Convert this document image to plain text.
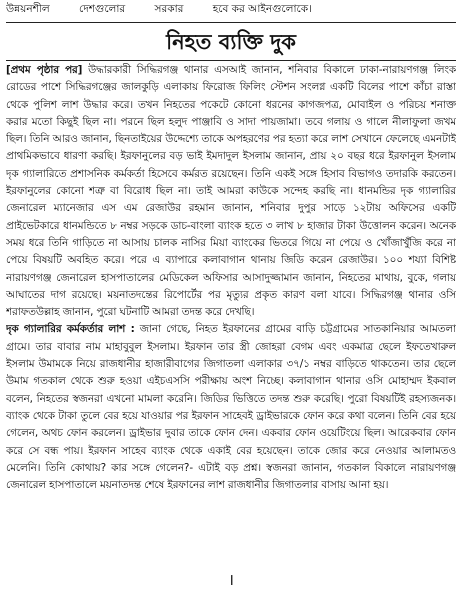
উন্নয়নশীল	দেশগুলোর	সরকার	হবে কর আইনগুলোকে।
নিহত ব্যক্তি দুক

[প্রথম পৃষ্ঠার পর] উদ্ধারকারী সিদ্ধিরগঞ্জ থানার এসআই জানান, শনিবার বিকালে ঢাকা-নারায়ণগঞ্জ লিংক রোডের পাশে সিদ্ধিরগঞ্জের জালকুড়ি এলাকায় ফিরোজ ফিলিং স্টেশন সংলগ্ন একটি বিলের পাশে কাঁচা রাস্তা থেকে পুলিশ লাশ উদ্ধার করে। তখন নিহতের পকেটে কোনো ধরনের কাগজপত্র, মোবাইল ও পরিচয় শনাক্ত করার মতো কিছুই ছিল না। পরনে ছিল হলুদ পাঞ্জাবি ও সাদা পায়জামা। তবে গলায় ও গালে নীলাফুলা জখম ছিল। তিনি আরও জানান, ছিনতাইয়ের উদ্দেশ্যে তাকে অপহরণের পর হত্যা করে লাশ সেখানে ফেলেছে এমনটাই প্রাথমিকভাবে ধারণা করছি। ইরফানুলের বড় ভাই ইমদাদুল ইসলাম জানান, প্রায় ২০ বছর ধরে ইরফানুল ইসলাম দৃক গ্যালারিতে প্রশাসনিক কর্মকর্তা হিসেবে কর্মরত রয়েছেন। তিনি একই সঙ্গে হিসাব বিভাগও তদারকি করতেন। ইরফানুলের কোনো শত্রু বা বিরোধ ছিল না। তাই আমরা কাউকে সন্দেহ করছি না। ধানমন্ডির দৃক গ্যালারির জেনারেল ম্যানেজার এস এম রেজাউর রহমান জানান, শনিবার দুপুর সাড়ে ১২টায় অফিসের একটি প্রাইভেটকারে ধানমন্ডিতে ৮ নম্বর সড়কে ডাচ-বাংলা ব্যাংক হতে ৩ লাখ ৮ হাজার টাকা উত্তোলন করেন। অনেক সময় ধরে তিনি গাড়িতে না আসায় চালক নাসির মিয়া ব্যাংকের ভিতরে গিয়ে না পেয়ে ও খোঁজাখুঁজি করে না পেয়ে বিষয়টি অবহিত করে। পরে এ ব্যাপারে কলাবাগান থানায় জিডি করেন রেজাউর। ১০০ শয্যা বিশিষ্ট নারায়ণগঞ্জ জেনারেল হাসপাতালের মেডিকেল অফিসার আসাদুজ্জামান জানান, নিহতের মাথায়, বুকে, গলায় আঘাতের দাগ রয়েছে। ময়নাতদন্তের রিপোর্টের পর মৃত্যুর প্রকৃত কারণ বলা যাবে। সিদ্ধিরগঞ্জ থানার ওসি শরাফতউল্লাহ জানান, পুরো ঘটনাটি আমরা তদন্ত করে দেখছি।

দৃক গ্যালারির কর্মকর্তার লাশ : জানা গেছে, নিহত ইরফানের গ্রামের বাড়ি চট্টগ্রামের সাতকানিয়ার আমতলা গ্রামে। তার বাবার নাম মাহাবুবুল ইসলাম। ইরফান তার স্ত্রী জোহরা বেগম এবং একমাত্র ছেলে ইফতেখারুল ইসলাম উমামকে নিয়ে রাজধানীর হাজারীবাগের জিগাতলা এলাকার ৩৭/১ নম্বর বাড়িতে থাকতেন। তার ছেলে উমাম গতকাল থেকে শুরু হওয়া এইচএসসি পরীক্ষায় অংশ নিচ্ছে। কলাবাগান থানার ওসি মোহাম্মদ ইকবাল বলেন, নিহতের স্বজনরা এখনো মামলা করেনি। জিডির ভিত্তিতে তদন্ত শুরু করেছি। পুরো বিষয়টিই রহস্যজনক। ব্যাংক থেকে টাকা তুলে বের হয়ে যাওয়ার পর ইরফান সাহেবই ড্রাইভারকে ফোন করে কথা বলেন। তিনি বের হয়ে গেলেন, অথচ ফোন করলেন। ড্রাইভার দুবার তাকে ফোন দেন। একবার ফোন ওয়েটিংয়ে ছিল। আরেকবার ফোন করে সে বন্ধ পায়। ইরফান সাহেব ব্যাংক থেকে একাই বের হয়েছেন। তাকে জোর করে নেওয়ার আলামতও মেলেনি। তিনি কোথায়? কার সঙ্গে গেলেন?- এটাই বড় প্রশ্ন। স্বজনরা জানান, গতকাল বিকালে নারায়ণগঞ্জ জেনারেল হাসপাতালে ময়নাতদন্ত শেষে ইরফানের লাশ রাজধানীর জিগাতলার বাসায় আনা হয়।

।
